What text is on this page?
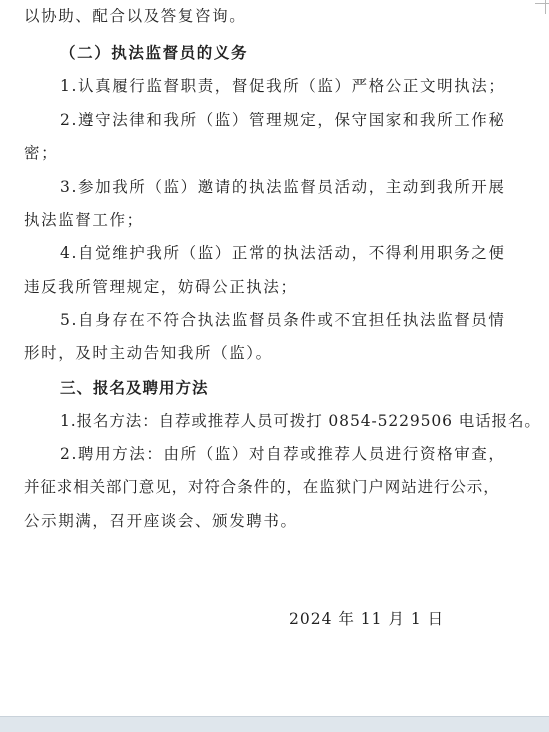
以协助、配合以及答复咨询。
（二）执法监督员的义务
1.认真履行监督职责，督促我所（监）严格公正文明执法；
2.遵守法律和我所（监）管理规定，保守国家和我所工作秘
密；
3.参加我所（监）邀请的执法监督员活动，主动到我所开展
执法监督工作；
4.自觉维护我所（监）正常的执法活动，不得利用职务之便
违反我所管理规定，妨碍公正执法；
5.自身存在不符合执法监督员条件或不宜担任执法监督员情
形时，及时主动告知我所（监）。
三、报名及聘用方法
1.报名方法：自荐或推荐人员可拨打 0854-5229506 电话报名。
2.聘用方法：由所（监）对自荐或推荐人员进行资格审查，
并征求相关部门意见，对符合条件的，在监狱门户网站进行公示，
公示期满，召开座谈会、颁发聘书。
2024 年 11 月 1 日
